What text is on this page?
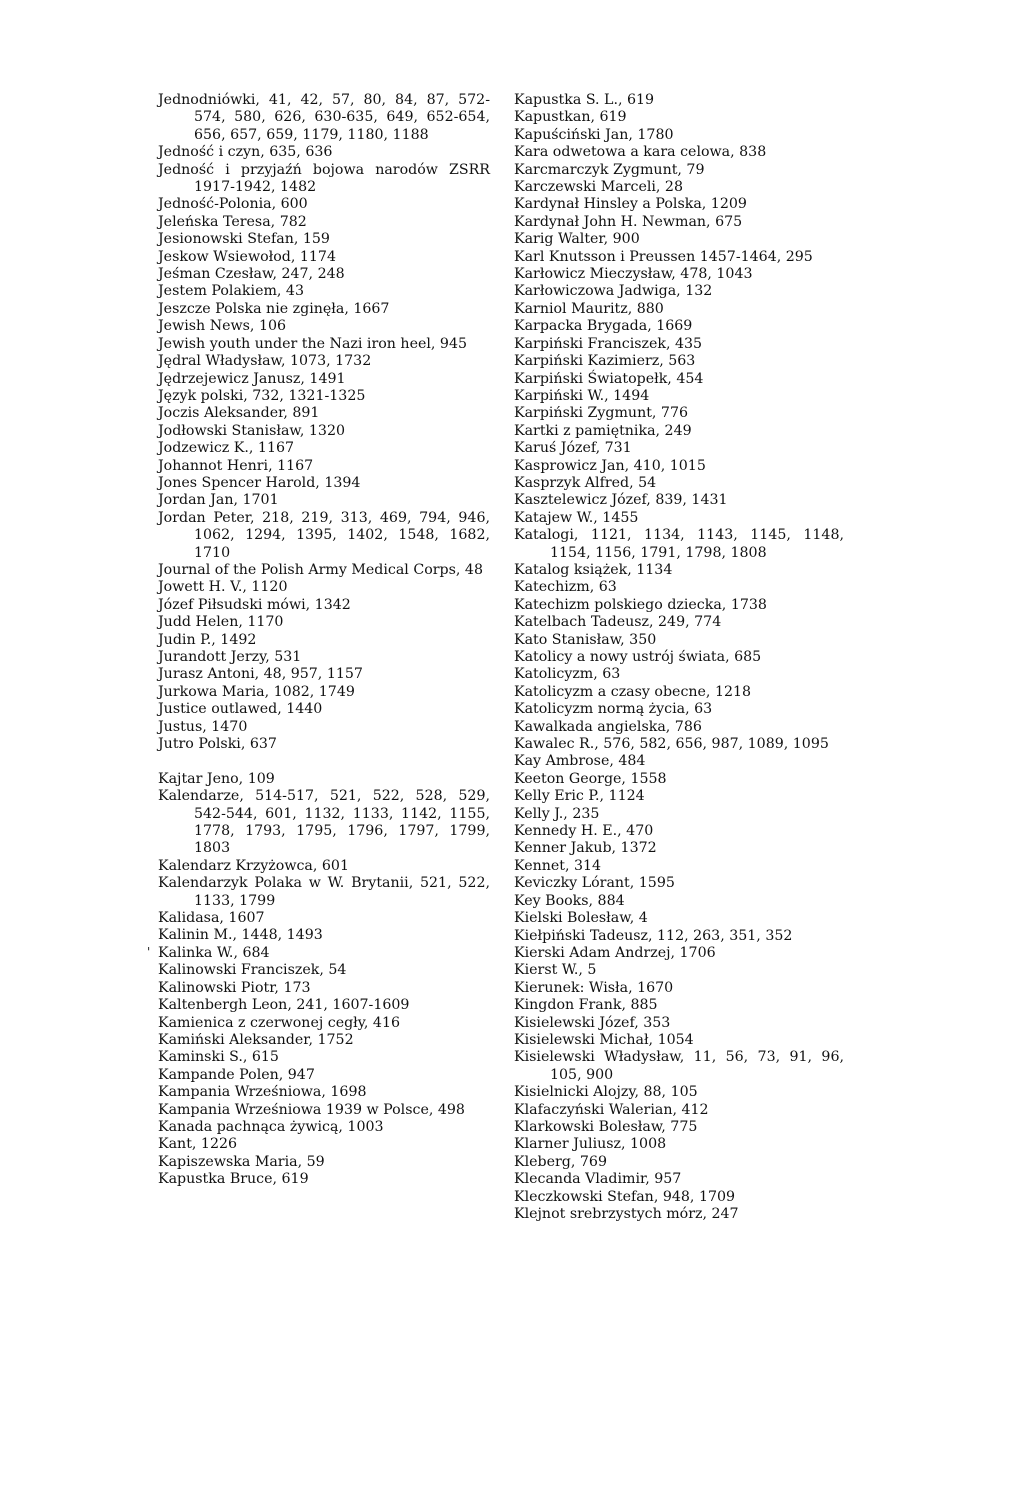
'
Jednodniówki, 41, 42, 57, 80, 84, 87, 572-574, 580, 626, 630-635, 649, 652-654, 656, 657, 659, 1179, 1180, 1188
Jedność i czyn, 635, 636
Jedność i przyjaźń bojowa narodów ZSRR 1917-1942, 1482
Jedność-Polonia, 600
Jeleńska Teresa, 782
Jesionowski Stefan, 159
Jeskow Wsiewołod, 1174
Jeśman Czesław, 247, 248
Jestem Polakiem, 43
Jeszcze Polska nie zginęła, 1667
Jewish News, 106
Jewish youth under the Nazi iron heel, 945
Jędral Władysław, 1073, 1732
Jędrzejewicz Janusz, 1491
Język polski, 732, 1321-1325
Joczis Aleksander, 891
Jodłowski Stanisław, 1320
Jodzewicz K., 1167
Johannot Henri, 1167
Jones Spencer Harold, 1394
Jordan Jan, 1701
Jordan Peter, 218, 219, 313, 469, 794, 946, 1062, 1294, 1395, 1402, 1548, 1682, 1710
Journal of the Polish Army Medical Corps, 48
Jowett H. V., 1120
Józef Piłsudski mówi, 1342
Judd Helen, 1170
Judin P., 1492
Jurandott Jerzy, 531
Jurasz Antoni, 48, 957, 1157
Jurkowa Maria, 1082, 1749
Justice outlawed, 1440
Justus, 1470
Jutro Polski, 637
Kajtar Jeno, 109
Kalendarze, 514-517, 521, 522, 528, 529, 542-544, 601, 1132, 1133, 1142, 1155, 1778, 1793, 1795, 1796, 1797, 1799, 1803
Kalendarz Krzyżowca, 601
Kalendarzyk Polaka w W. Brytanii, 521, 522, 1133, 1799
Kalidasa, 1607
Kalinin M., 1448, 1493
Kalinka W., 684
Kalinowski Franciszek, 54
Kalinowski Piotr, 173
Kaltenbergh Leon, 241, 1607-1609
Kamienica z czerwonej cegły, 416
Kamiński Aleksander, 1752
Kaminski S., 615
Kampande Polen, 947
Kampania Wrześniowa, 1698
Kampania Wrześniowa 1939 w Polsce, 498
Kanada pachnąca żywicą, 1003
Kant, 1226
Kapiszewska Maria, 59
Kapustka Bruce, 619
Kapustka S. L., 619
Kapustkan, 619
Kapuściński Jan, 1780
Kara odwetowa a kara celowa, 838
Karcmarczyk Zygmunt, 79
Karczewski Marceli, 28
Kardynał Hinsley a Polska, 1209
Kardynał John H. Newman, 675
Karig Walter, 900
Karl Knutsson i Preussen 1457-1464, 295
Karłowicz Mieczysław, 478, 1043
Karłowiczowa Jadwiga, 132
Karniol Mauritz, 880
Karpacka Brygada, 1669
Karpiński Franciszek, 435
Karpiński Kazimierz, 563
Karpiński Światopełk, 454
Karpiński W., 1494
Karpiński Zygmunt, 776
Kartki z pamiętnika, 249
Karuś Józef, 731
Kasprowicz Jan, 410, 1015
Kasprzyk Alfred, 54
Kasztelewicz Józef, 839, 1431
Katajew W., 1455
Katalogi, 1121, 1134, 1143, 1145, 1148, 1154, 1156, 1791, 1798, 1808
Katalog książek, 1134
Katechizm, 63
Katechizm polskiego dziecka, 1738
Katelbach Tadeusz, 249, 774
Kato Stanisław, 350
Katolicy a nowy ustrój świata, 685
Katolicyzm, 63
Katolicyzm a czasy obecne, 1218
Katolicyzm normą życia, 63
Kawalkada angielska, 786
Kawalec R., 576, 582, 656, 987, 1089, 1095
Kay Ambrose, 484
Keeton George, 1558
Kelly Eric P., 1124
Kelly J., 235
Kennedy H. E., 470
Kenner Jakub, 1372
Kennet, 314
Keviczky Lórant, 1595
Key Books, 884
Kielski Bolesław, 4
Kiełpiński Tadeusz, 112, 263, 351, 352
Kierski Adam Andrzej, 1706
Kierst W., 5
Kierunek: Wisła, 1670
Kingdon Frank, 885
Kisielewski Józef, 353
Kisielewski Michał, 1054
Kisielewski Władysław, 11, 56, 73, 91, 96, 105, 900
Kisielnicki Alojzy, 88, 105
Klafaczyński Walerian, 412
Klarkowski Bolesław, 775
Klarner Juliusz, 1008
Kleberg, 769
Klecanda Vladimir, 957
Kleczkowski Stefan, 948, 1709
Klejnot srebrzystych mórz, 247
